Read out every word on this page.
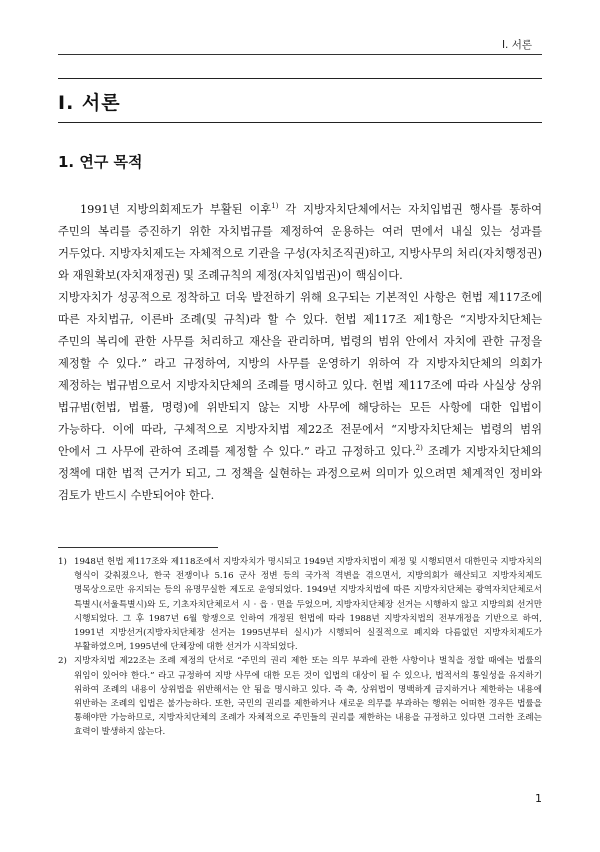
Ⅰ. 서론
Ⅰ. 서론
1. 연구 목적

1991년 지방의회제도가 부활된 이후$^{1)}$ 각 지방자치단체에서는 자치입법권 행사를 통하여 주민의 복리를 증진하기 위한 자치법규를 제정하여 운용하는 여러 면에서 내실 있는 성과를 거두었다. 지방자치제도는 자체적으로 기관을 구성(자치조직권)하고, 지방사무의 처리(자치행정권)와 재원확보(자치재정권) 및 조례규칙의 제정(자치입법권)이 핵심이다.

지방자치가 성공적으로 정착하고 더욱 발전하기 위해 요구되는 기본적인 사항은 헌법 제117조에 따른 자치법규, 이른바 조례(및 규칙)라 할 수 있다. 헌법 제117조 제1항은 “지방자치단체는 주민의 복리에 관한 사무를 처리하고 재산을 관리하며, 법령의 범위 안에서 자치에 관한 규정을 제정할 수 있다.” 라고 규정하여, 지방의 사무를 운영하기 위하여 각 지방자치단체의 의회가 제정하는 법규범으로서 지방자치단체의 조례를 명시하고 있다. 헌법 제117조에 따라 사실상 상위 법규범(헌법, 법률, 명령)에 위반되지 않는 지방 사무에 해당하는 모든 사항에 대한 입법이 가능하다. 이에 따라, 구체적으로 지방자치법 제22조 전문에서 “지방자치단체는 법령의 범위 안에서 그 사무에 관하여 조례를 제정할 수 있다.” 라고 규정하고 있다.$^{2)}$ 조례가 지방자치단체의 정책에 대한 법적 근거가 되고, 그 정책을 실현하는 과정으로써 의미가 있으려면 체계적인 정비와 검토가 반드시 수반되어야 한다.

1) 1948년 헌법 제117조와 제118조에서 지방자치가 명시되고 1949년 지방자치법이 제정 및 시행되면서 대한민국 지방자치의 형식이 갖춰졌으나, 한국 전쟁이나 5.16 군사 정변 등의 국가적 격변을 겪으면서, 지방의회가 해산되고 지방자치제도 명목상으로만 유지되는 등의 유명무실한 제도로 운영되었다. 1949년 지방자치법에 따른 지방자치단체는 광역자치단체로서 특별시(서울특별시)와 도, 기초자치단체로서 시 · 읍 · 면을 두었으며, 지방자치단체장 선거는 시행하지 않고 지방의회 선거만 시행되었다. 그 후 1987년 6월 항쟁으로 인하여 개정된 헌법에 따라 1988년 지방자치법의 전부개정을 기반으로 하여, 1991년 지방선거(지방자치단체장 선거는 1995년부터 실시)가 시행되어 실질적으로 폐지와 다름없던 지방자치제도가 부활하였으며, 1995년에 단체장에 대한 선거가 시작되었다.
2) 지방자치법 제22조는 조례 제정의 단서로 “주민의 권리 제한 또는 의무 부과에 관한 사항이나 벌칙을 정할 때에는 법률의 위임이 있어야 한다.” 라고 규정하여 지방 사무에 대한 모든 것이 입법의 대상이 될 수 있으나, 법적서의 통일성을 유지하기 위하여 조례의 내용이 상위법을 위반해서는 안 됨을 명시하고 있다. 즉 축, 상위법이 명백하게 금지하거나 제한하는 내용에 위반하는 조례의 입법은 불가능하다. 또한, 국민의 권리를 제한하거나 새로운 의무를 부과하는 행위는 어떠한 경우든 법률을 통해야만 가능하므로, 지방자치단체의 조례가 자체적으로 주민들의 권리를 제한하는 내용을 규정하고 있다면 그러한 조례는 효력이 발생하지 않는다.
1
